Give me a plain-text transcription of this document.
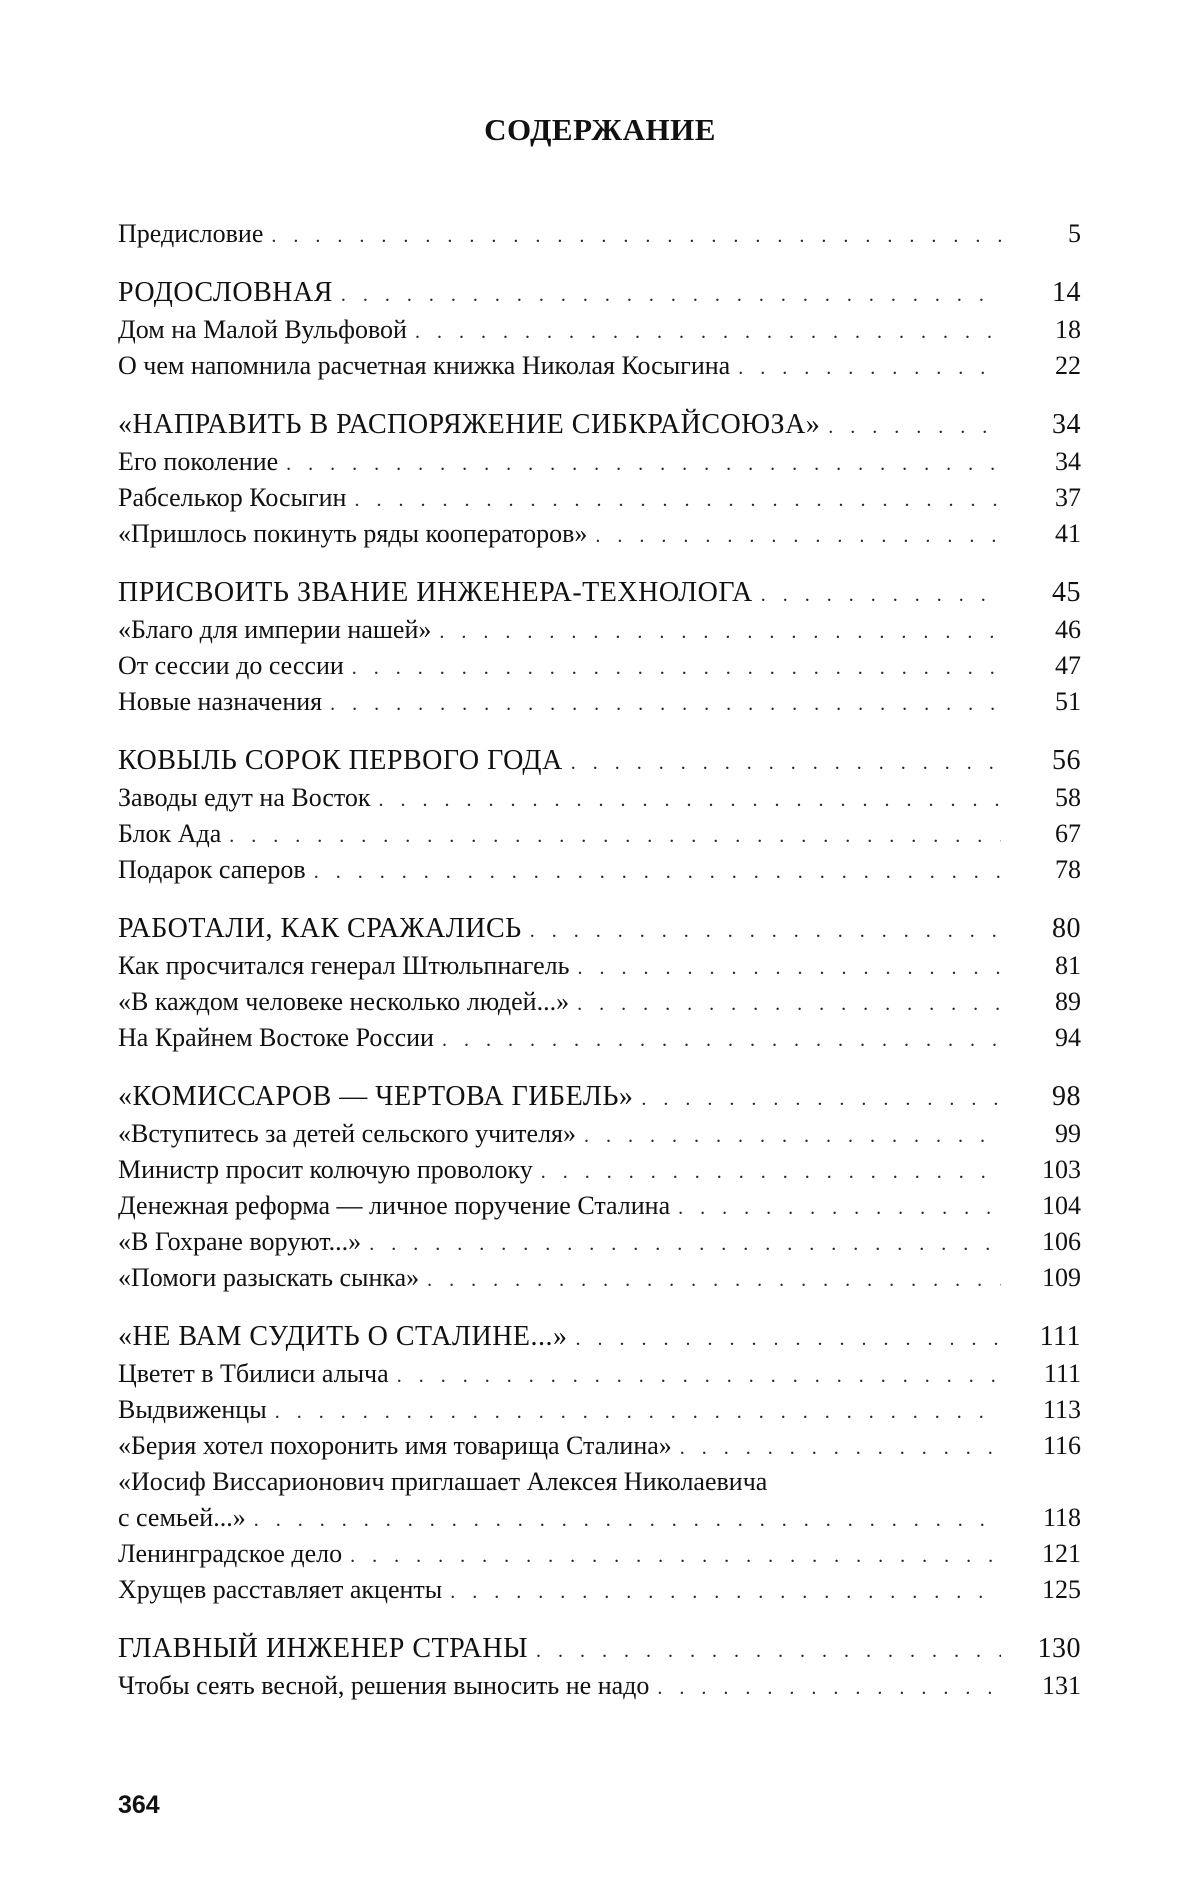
СОДЕРЖАНИЕ
Предисловие
. . .	5
РОДОСЛОВНАЯ
. . .	14
Дом на Малой Вульфовой
. . .	18
О чем напомнила расчетная книжка Николая Косыгина
. . .	22
«НАПРАВИТЬ В РАСПОРЯЖЕНИЕ СИБКРАЙСОЮЗА»
. . .	34
Его поколение
. . .	34
Рабселькор Косыгин
. . .	37
«Пришлось покинуть ряды кооператоров»
. . .	41
ПРИСВОИТЬ ЗВАНИЕ ИНЖЕНЕРА-ТЕХНОЛОГА
. . .	45
«Благо для империи нашей»
. . .	46
От сессии до сессии
. . .	47
Новые назначения
. . .	51
КОВЫЛЬ СОРОК ПЕРВОГО ГОДА
. . .	56
Заводы едут на Восток
. . .	58
Блок Ада
. . .	67
Подарок саперов
. . .	78
РАБОТАЛИ, КАК СРАЖАЛИСЬ
. . .	80
Как просчитался генерал Штюльпнагель
. . .	81
«В каждом человеке несколько людей...»
. . .	89
На Крайнем Востоке России
. . .	94
«КОМИССАРОВ — ЧЕРТОВА ГИБЕЛЬ»
. . .	98
«Вступитесь за детей сельского учителя»
. . .	99
Министр просит колючую проволоку
. . .	103
Денежная реформа — личное поручение Сталина
. . .	104
«В Гохране воруют...»
. . .	106
«Помоги разыскать сынка»
. . .	109
«НЕ ВАМ СУДИТЬ О СТАЛИНЕ...»
. . .	111
Цветет в Тбилиси алыча
. . .	111
Выдвиженцы
. . .	113
«Берия хотел похоронить имя товарища Сталина»
. . .	116
«Иосиф Виссарионович приглашает Алексея Николаевича
с семьей...»
. . .	118
Ленинградское дело
. . .	121
Хрущев расставляет акценты
. . .	125
ГЛАВНЫЙ ИНЖЕНЕР СТРАНЫ
. . .	130
Чтобы сеять весной, решения выносить не надо
. . .	131
364
